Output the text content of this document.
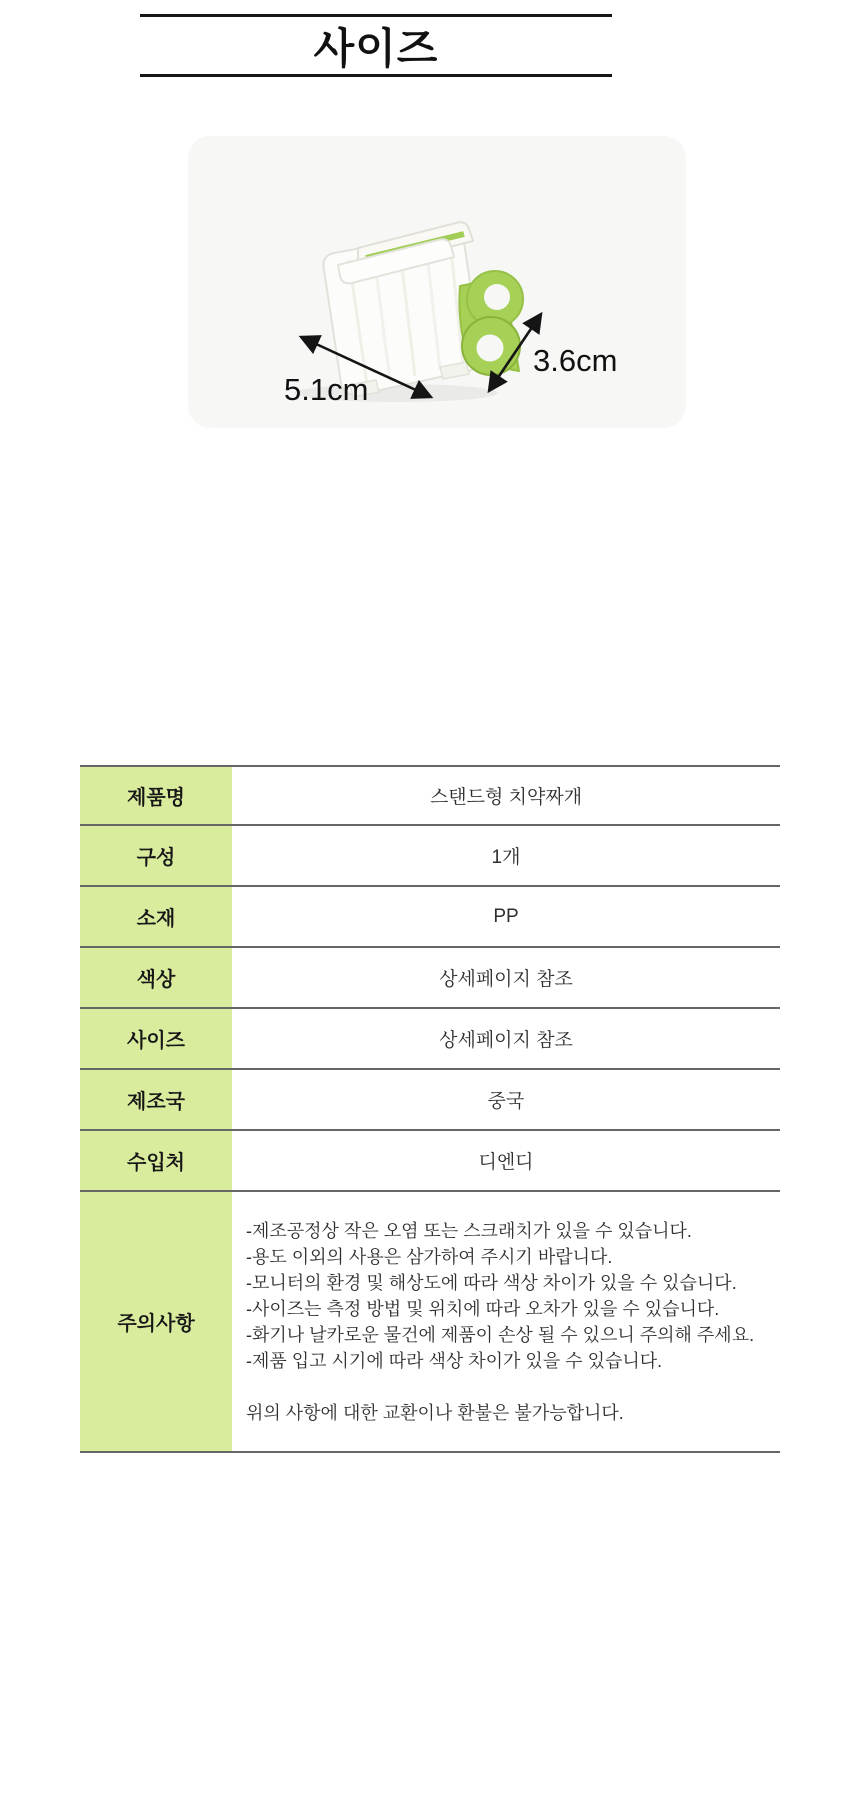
사이즈
5.1cm
3.6cm
제품명	스탠드형 치약짜개
구성	1개
소재	PP
색상	상세페이지 참조
사이즈	상세페이지 참조
제조국	중국
수입처	디엔디
주의사항
-제조공정상 작은 오염 또는 스크래치가 있을 수 있습니다.
-용도 이외의 사용은 삼가하여 주시기 바랍니다.
-모니터의 환경 및 해상도에 따라 색상 차이가 있을 수 있습니다.
-사이즈는 측정 방법 및 위치에 따라 오차가 있을 수 있습니다.
-화기나 날카로운 물건에 제품이 손상 될 수 있으니 주의해 주세요.
-제품 입고 시기에 따라 색상 차이가 있을 수 있습니다.
위의 사항에 대한 교환이나 환불은 불가능합니다.
